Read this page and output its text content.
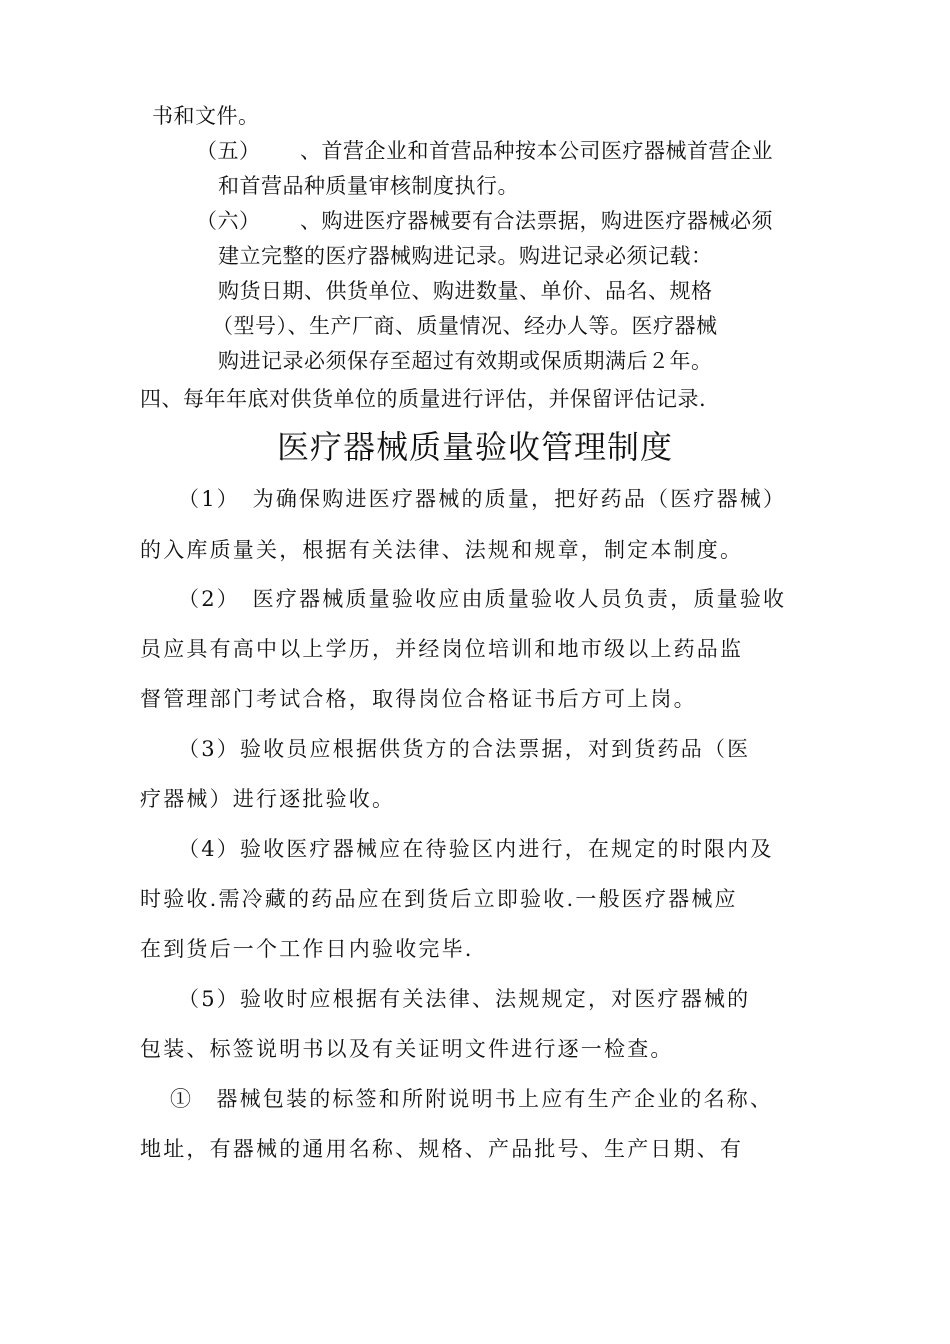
书和文件。
（五） 、首营企业和首营品种按本公司医疗器械首营企业
和首营品种质量审核制度执行。
（六） 、购进医疗器械要有合法票据，购进医疗器械必须
建立完整的医疗器械购进记录。购进记录必须记载：
购货日期、供货单位、购进数量、单价、品名、规格
（型号）、生产厂商、质量情况、经办人等。医疗器械
购进记录必须保存至超过有效期或保质期满后２年。
四、每年年底对供货单位的质量进行评估，并保留评估记录.
医疗器械质量验收管理制度
（1）　为确保购进医疗器械的质量，把好药品（医疗器械）
的入库质量关，根据有关法律、法规和规章，制定本制度。
（2）　医疗器械质量验收应由质量验收人员负责，质量验收
员应具有高中以上学历，并经岗位培训和地市级以上药品监
督管理部门考试合格，取得岗位合格证书后方可上岗。
（3）验收员应根据供货方的合法票据，对到货药品（医
疗器械）进行逐批验收。
（4）验收医疗器械应在待验区内进行，在规定的时限内及
时验收.需冷藏的药品应在到货后立即验收.一般医疗器械应
在到货后一个工作日内验收完毕.
（5）验收时应根据有关法律、法规规定，对医疗器械的
包装、标签说明书以及有关证明文件进行逐一检查。
①　器械包装的标签和所附说明书上应有生产企业的名称、
地址，有器械的通用名称、规格、产品批号、生产日期、有
